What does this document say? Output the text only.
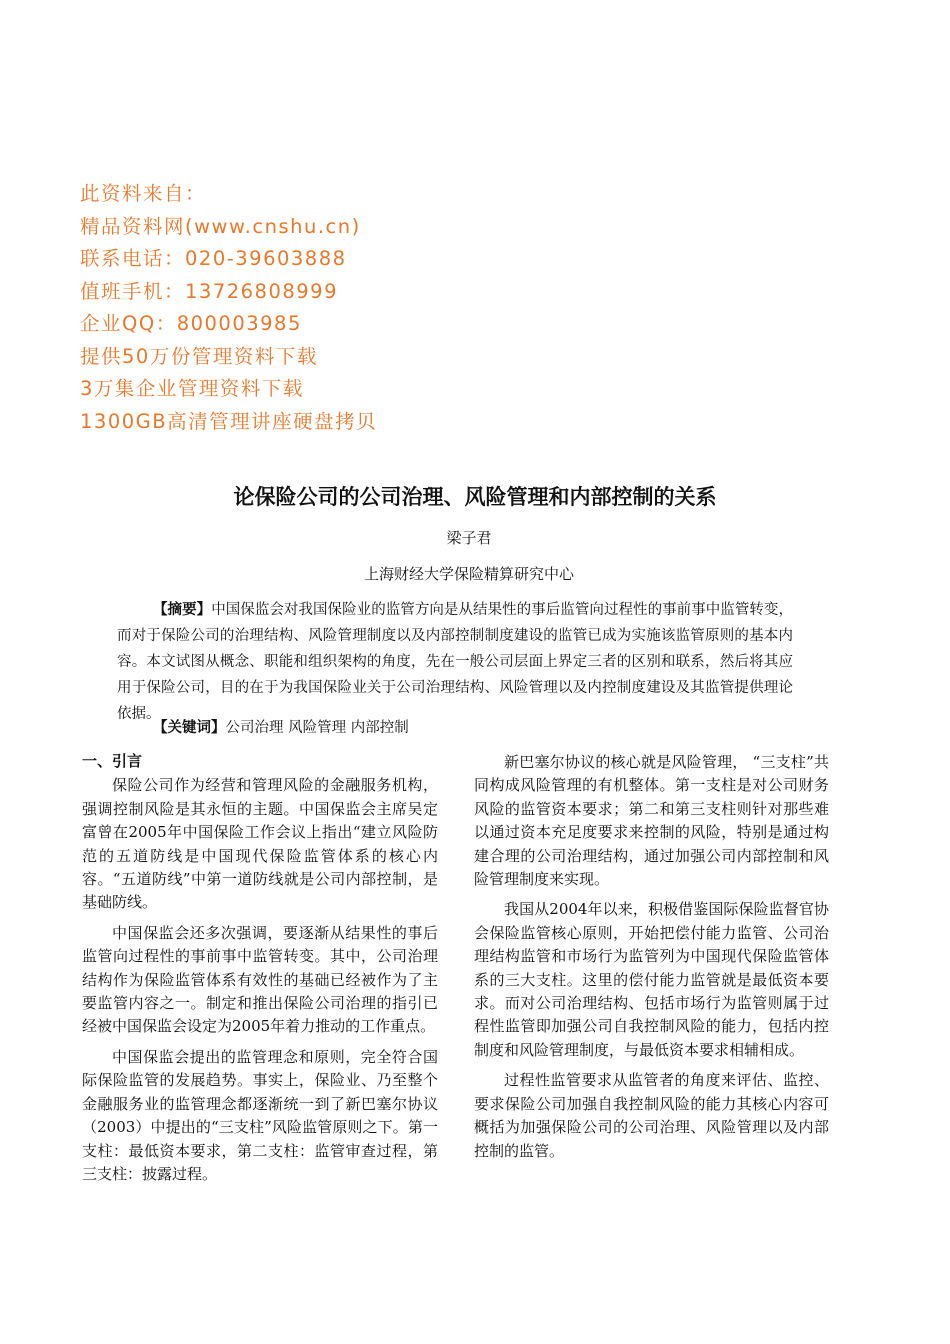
此资料来自：
精品资料网(www.cnshu.cn)
联系电话：020-39603888
值班手机：13726808999
企业QQ：800003985
提供50万份管理资料下载
3万集企业管理资料下载
1300GB高清管理讲座硬盘拷贝
论保险公司的公司治理、风险管理和内部控制的关系
梁子君
上海财经大学保险精算研究中心
【摘要】中国保监会对我国保险业的监管方向是从结果性的事后监管向过程性的事前事中监管转变，而对于保险公司的治理结构、风险管理制度以及内部控制制度建设的监管已成为实施该监管原则的基本内容。本文试图从概念、职能和组织架构的角度，先在一般公司层面上界定三者的区别和联系，然后将其应用于保险公司，目的在于为我国保险业关于公司治理结构、风险管理以及内控制度建设及其监管提供理论依据。
【关键词】公司治理 风险管理 内部控制
一、引言

保险公司作为经营和管理风险的金融服务机构，强调控制风险是其永恒的主题。中国保监会主席吴定富曾在2005年中国保险工作会议上指出“建立风险防范的五道防线是中国现代保险监管体系的核心内容。“五道防线”中第一道防线就是公司内部控制，是基础防线。

中国保监会还多次强调，要逐渐从结果性的事后监管向过程性的事前事中监管转变。其中，公司治理结构作为保险监管体系有效性的基础已经被作为了主要监管内容之一。制定和推出保险公司治理的指引已经被中国保监会设定为2005年着力推动的工作重点。

中国保监会提出的监管理念和原则，完全符合国际保险监管的发展趋势。事实上，保险业、乃至整个金融服务业的监管理念都逐渐统一到了新巴塞尔协议（2003）中提出的“三支柱”风险监管原则之下。第一支柱：最低资本要求，第二支柱：监管审查过程，第三支柱：披露过程。

新巴塞尔协议的核心就是风险管理， “三支柱”共同构成风险管理的有机整体。第一支柱是对公司财务风险的监管资本要求；第二和第三支柱则针对那些难以通过资本充足度要求来控制的风险，特别是通过构建合理的公司治理结构，通过加强公司内部控制和风险管理制度来实现。

我国从2004年以来，积极借鉴国际保险监督官协会保险监管核心原则，开始把偿付能力监管、公司治理结构监管和市场行为监管列为中国现代保险监管体系的三大支柱。这里的偿付能力监管就是最低资本要求。而对公司治理结构、包括市场行为监管则属于过程性监管即加强公司自我控制风险的能力，包括内控制度和风险管理制度，与最低资本要求相辅相成。

过程性监管要求从监管者的角度来评估、监控、要求保险公司加强自我控制风险的能力其核心内容可概括为加强保险公司的公司治理、风险管理以及内部控制的监管。
